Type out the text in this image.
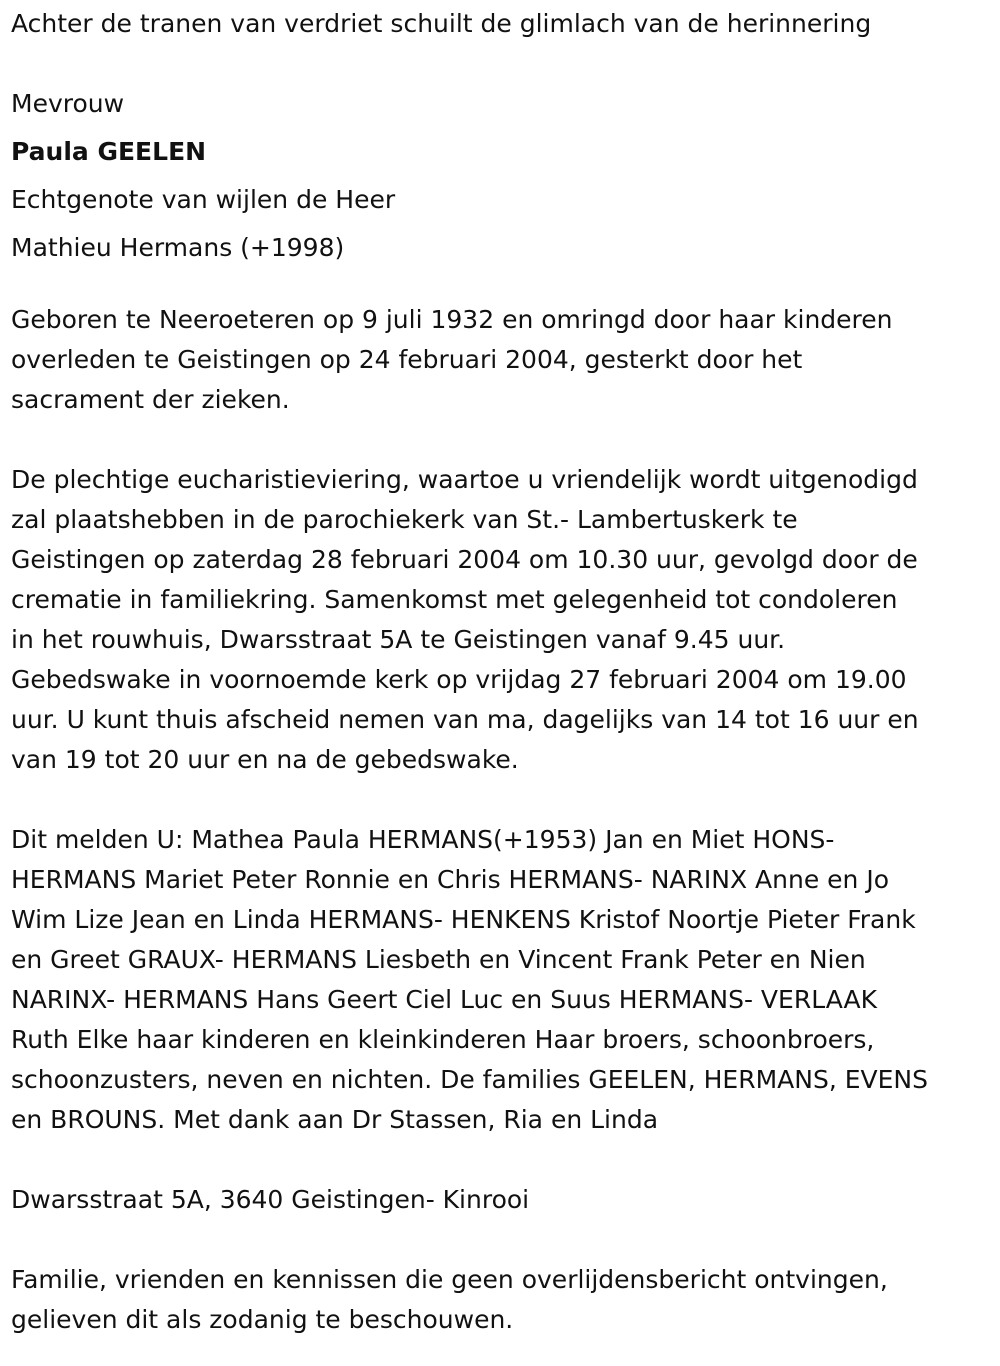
Achter de tranen van verdriet schuilt de glimlach van de herinnering
Mevrouw
Paula GEELEN
Echtgenote van wijlen de Heer
Mathieu Hermans (+1998)
Geboren te Neeroeteren op 9 juli 1932 en omringd door haar kinderen
overleden te Geistingen op 24 februari 2004, gesterkt door het
sacrament der zieken.
De plechtige eucharistieviering, waartoe u vriendelijk wordt uitgenodigd
zal plaatshebben in de parochiekerk van St.- Lambertuskerk te
Geistingen op zaterdag 28 februari 2004 om 10.30 uur, gevolgd door de
crematie in familiekring. Samenkomst met gelegenheid tot condoleren
in het rouwhuis, Dwarsstraat 5A te Geistingen vanaf 9.45 uur.
Gebedswake in voornoemde kerk op vrijdag 27 februari 2004 om 19.00
uur. U kunt thuis afscheid nemen van ma, dagelijks van 14 tot 16 uur en
van 19 tot 20 uur en na de gebedswake.
Dit melden U: Mathea Paula HERMANS(+1953) Jan en Miet HONS-
HERMANS Mariet Peter Ronnie en Chris HERMANS- NARINX Anne en Jo
Wim Lize Jean en Linda HERMANS- HENKENS Kristof Noortje Pieter Frank
en Greet GRAUX- HERMANS Liesbeth en Vincent Frank Peter en Nien
NARINX- HERMANS Hans Geert Ciel Luc en Suus HERMANS- VERLAAK
Ruth Elke haar kinderen en kleinkinderen Haar broers, schoonbroers,
schoonzusters, neven en nichten. De families GEELEN, HERMANS, EVENS
en BROUNS. Met dank aan Dr Stassen, Ria en Linda
Dwarsstraat 5A, 3640 Geistingen- Kinrooi
Familie, vrienden en kennissen die geen overlijdensbericht ontvingen,
gelieven dit als zodanig te beschouwen.
